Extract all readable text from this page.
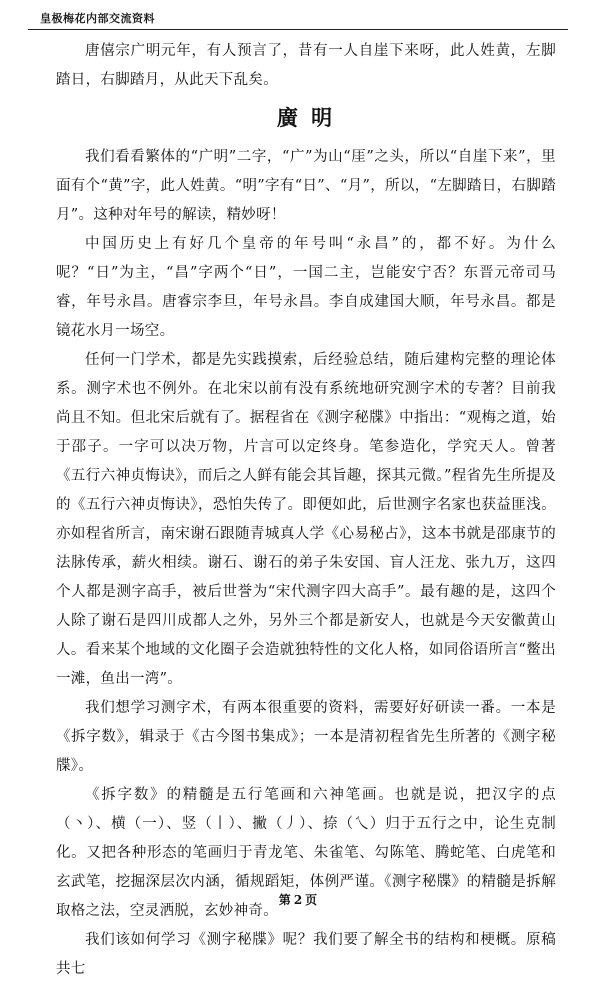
皇极梅花内部交流资料

唐僖宗广明元年，有人预言了，昔有一人自崖下来呀，此人姓黄，左脚踏日，右脚踏月，从此天下乱矣。

廣 明

我们看看繁体的“广明”二字，“广”为山“厓”之头，所以“自崖下来”，里面有个“黄”字，此人姓黄。“明”字有“日”、“月”，所以，“左脚踏日，右脚踏月”。这种对年号的解读，精妙呀！

中国历史上有好几个皇帝的年号叫“永昌”的，都不好。为什么呢？“日”为主，“昌”字两个“日”，一国二主，岂能安宁否？东晋元帝司马睿，年号永昌。唐睿宗李旦，年号永昌。李自成建国大顺，年号永昌。都是镜花水月一场空。

任何一门学术，都是先实践摸索，后经验总结，随后建构完整的理论体系。测字术也不例外。在北宋以前有没有系统地研究测字术的专著？目前我尚且不知。但北宋后就有了。据程省在《测字秘牒》中指出：“观梅之道，始于邵子。一字可以决万物，片言可以定终身。笔参造化，学究天人。曾著《五行六神贞悔诀》，而后之人鲜有能会其旨趣，探其元微。”程省先生所提及的《五行六神贞悔诀》，恐怕失传了。即便如此，后世测字名家也获益匪浅。亦如程省所言，南宋谢石跟随青城真人学《心易秘占》，这本书就是邵康节的法脉传承，薪火相续。谢石、谢石的弟子朱安国、盲人汪龙、张九万，这四个人都是测字高手，被后世誉为“宋代测字四大高手”。最有趣的是，这四个人除了谢石是四川成都人之外，另外三个都是新安人，也就是今天安徽黄山人。看来某个地域的文化圈子会造就独特性的文化人格，如同俗语所言“鳖出一滩，鱼出一湾”。

我们想学习测字术，有两本很重要的资料，需要好好研读一番。一本是《拆字数》，辑录于《古今图书集成》；一本是清初程省先生所著的《测字秘牒》。

《拆字数》的精髓是五行笔画和六神笔画。也就是说，把汉字的点（丶）、横（一）、竖（丨）、撇（丿）、捺（乀）归于五行之中，论生克制化。又把各种形态的笔画归于青龙笔、朱雀笔、勾陈笔、腾蛇笔、白虎笔和玄武笔，挖掘深层次内涵，循规蹈矩，体例严谨。《测字秘牒》的精髓是拆解取格之法，空灵洒脱，玄妙神奇。

我们该如何学习《测字秘牒》呢？我们要了解全书的结构和梗概。原稿共七

第 2 页
